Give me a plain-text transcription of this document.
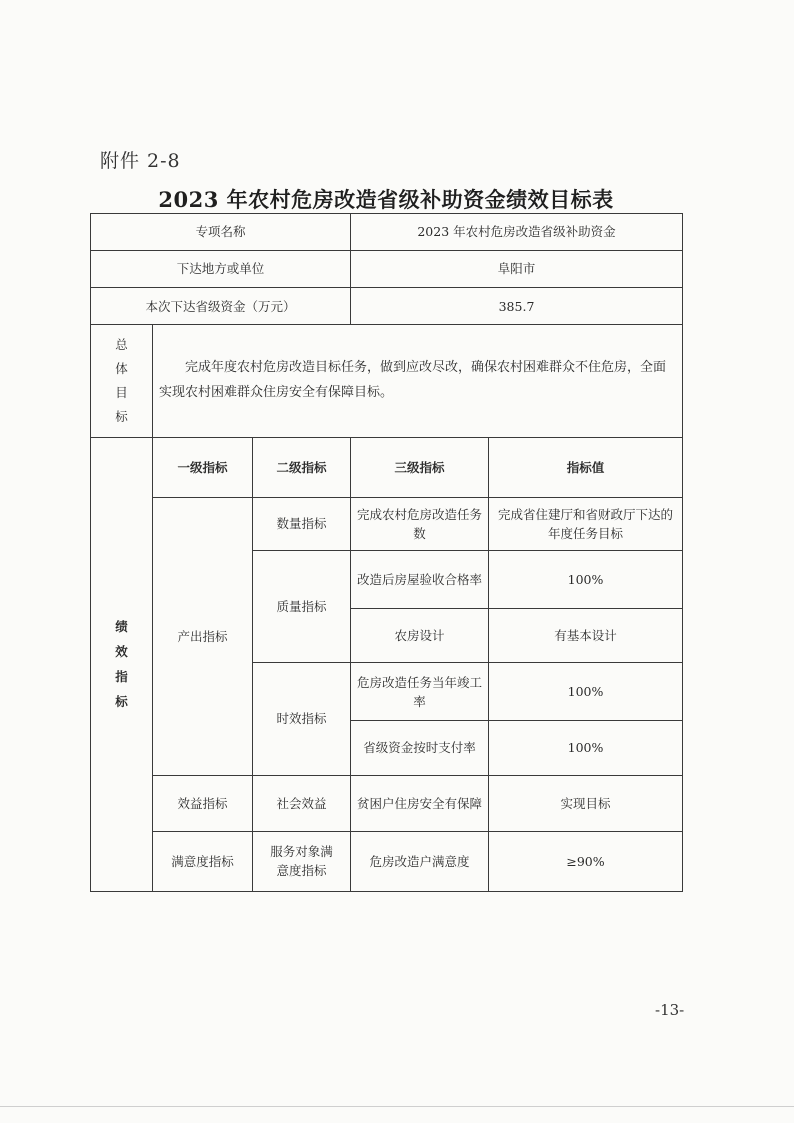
附件 2-8
2023 年农村危房改造省级补助资金绩效目标表
专项名称			2023 年农村危房改造省级补助资金	
下达地方或单位			阜阳市	
本次下达省级资金（万元）			385.7	
总体目标	完成年度农村危房改造目标任务，做到应改尽改，确保农村困难群众不住危房，全面实现农村困难群众住房安全有保障目标。			
绩效指标	一级指标	二级指标	三级指标	指标值
	产出指标	数量指标	完成农村危房改造任务数	完成省住建厅和省财政厅下达的年度任务目标
		质量指标	改造后房屋验收合格率	100%
			农房设计	有基本设计
		时效指标	危房改造任务当年竣工率	100%
			省级资金按时支付率	100%
	效益指标	社会效益	贫困户住房安全有保障	实现目标
	满意度指标	服务对象满意度指标	危房改造户满意度	≥90%
-13-
